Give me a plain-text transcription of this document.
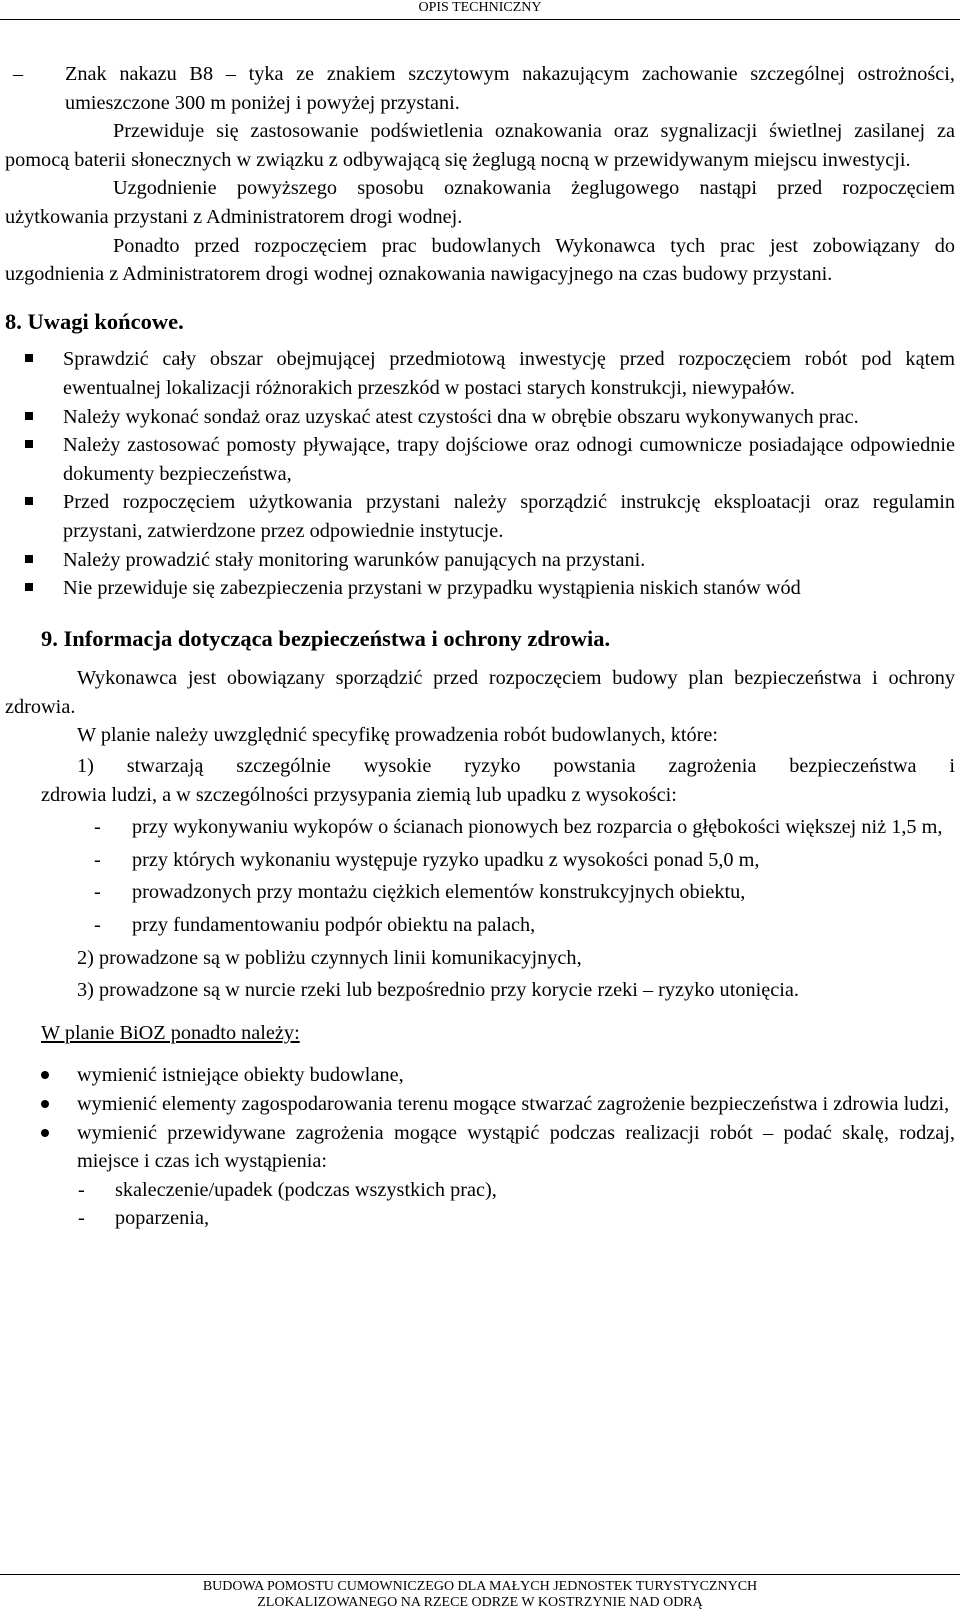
OPIS TECHNICZNY

– Znak nakazu B8 – tyka ze znakiem szczytowym nakazującym zachowanie szczególnej ostrożności, umieszczone 300 m poniżej i powyżej przystani.

Przewiduje się zastosowanie podświetlenia oznakowania oraz sygnalizacji świetlnej zasilanej za pomocą baterii słonecznych w związku z odbywającą się żeglugą nocną w przewidywanym miejscu inwestycji.

Uzgodnienie powyższego sposobu oznakowania żeglugowego nastąpi przed rozpoczęciem użytkowania przystani z Administratorem drogi wodnej.

Ponadto przed rozpoczęciem prac budowlanych Wykonawca tych prac jest zobowiązany do uzgodnienia z Administratorem drogi wodnej oznakowania nawigacyjnego na czas budowy przystani.

8. Uwagi końcowe.

Sprawdzić cały obszar obejmującej przedmiotową inwestycję przed rozpoczęciem robót pod kątem ewentualnej lokalizacji różnorakich przeszkód w postaci starych konstrukcji, niewypałów.

Należy wykonać sondaż oraz uzyskać atest czystości dna w obrębie obszaru wykonywanych prac.

Należy zastosować pomosty pływające, trapy dojściowe oraz odnogi cumownicze posiadające odpowiednie dokumenty bezpieczeństwa,

Przed rozpoczęciem użytkowania przystani należy sporządzić instrukcję eksploatacji oraz regulamin przystani, zatwierdzone przez odpowiednie instytucje.

Należy prowadzić stały monitoring warunków panujących na przystani.

Nie przewiduje się zabezpieczenia przystani w przypadku wystąpienia niskich stanów wód

9. Informacja dotycząca bezpieczeństwa i ochrony zdrowia.

Wykonawca jest obowiązany sporządzić przed rozpoczęciem budowy plan bezpieczeństwa i ochrony zdrowia.

W planie należy uwzględnić specyfikę prowadzenia robót budowlanych, które:

1) stwarzają szczególnie wysokie ryzyko powstania zagrożenia bezpieczeństwa i

zdrowia ludzi, a w szczególności przysypania ziemią lub upadku z wysokości:

- przy wykonywaniu wykopów o ścianach pionowych bez rozparcia o głębokości większej niż 1,5 m,

- przy których wykonaniu występuje ryzyko upadku z wysokości ponad 5,0 m,

- prowadzonych przy montażu ciężkich elementów konstrukcyjnych obiektu,

- przy fundamentowaniu podpór obiektu na palach,

2) prowadzone są w pobliżu czynnych linii komunikacyjnych,

3) prowadzone są w nurcie rzeki lub bezpośrednio przy korycie rzeki – ryzyko utonięcia.

W planie BiOZ ponadto należy:

wymienić istniejące obiekty budowlane,

wymienić elementy zagospodarowania terenu mogące stwarzać zagrożenie bezpieczeństwa i zdrowia ludzi,

wymienić przewidywane zagrożenia mogące wystąpić podczas realizacji robót – podać skalę, rodzaj, miejsce i czas ich wystąpienia:

- skaleczenie/upadek (podczas wszystkich prac),

- poparzenia,

BUDOWA POMOSTU CUMOWNICZEGO DLA MAŁYCH JEDNOSTEK TURYSTYCZNYCH
ZLOKALIZOWANEGO NA RZECE ODRZE W KOSTRZYNIE NAD ODRĄ
